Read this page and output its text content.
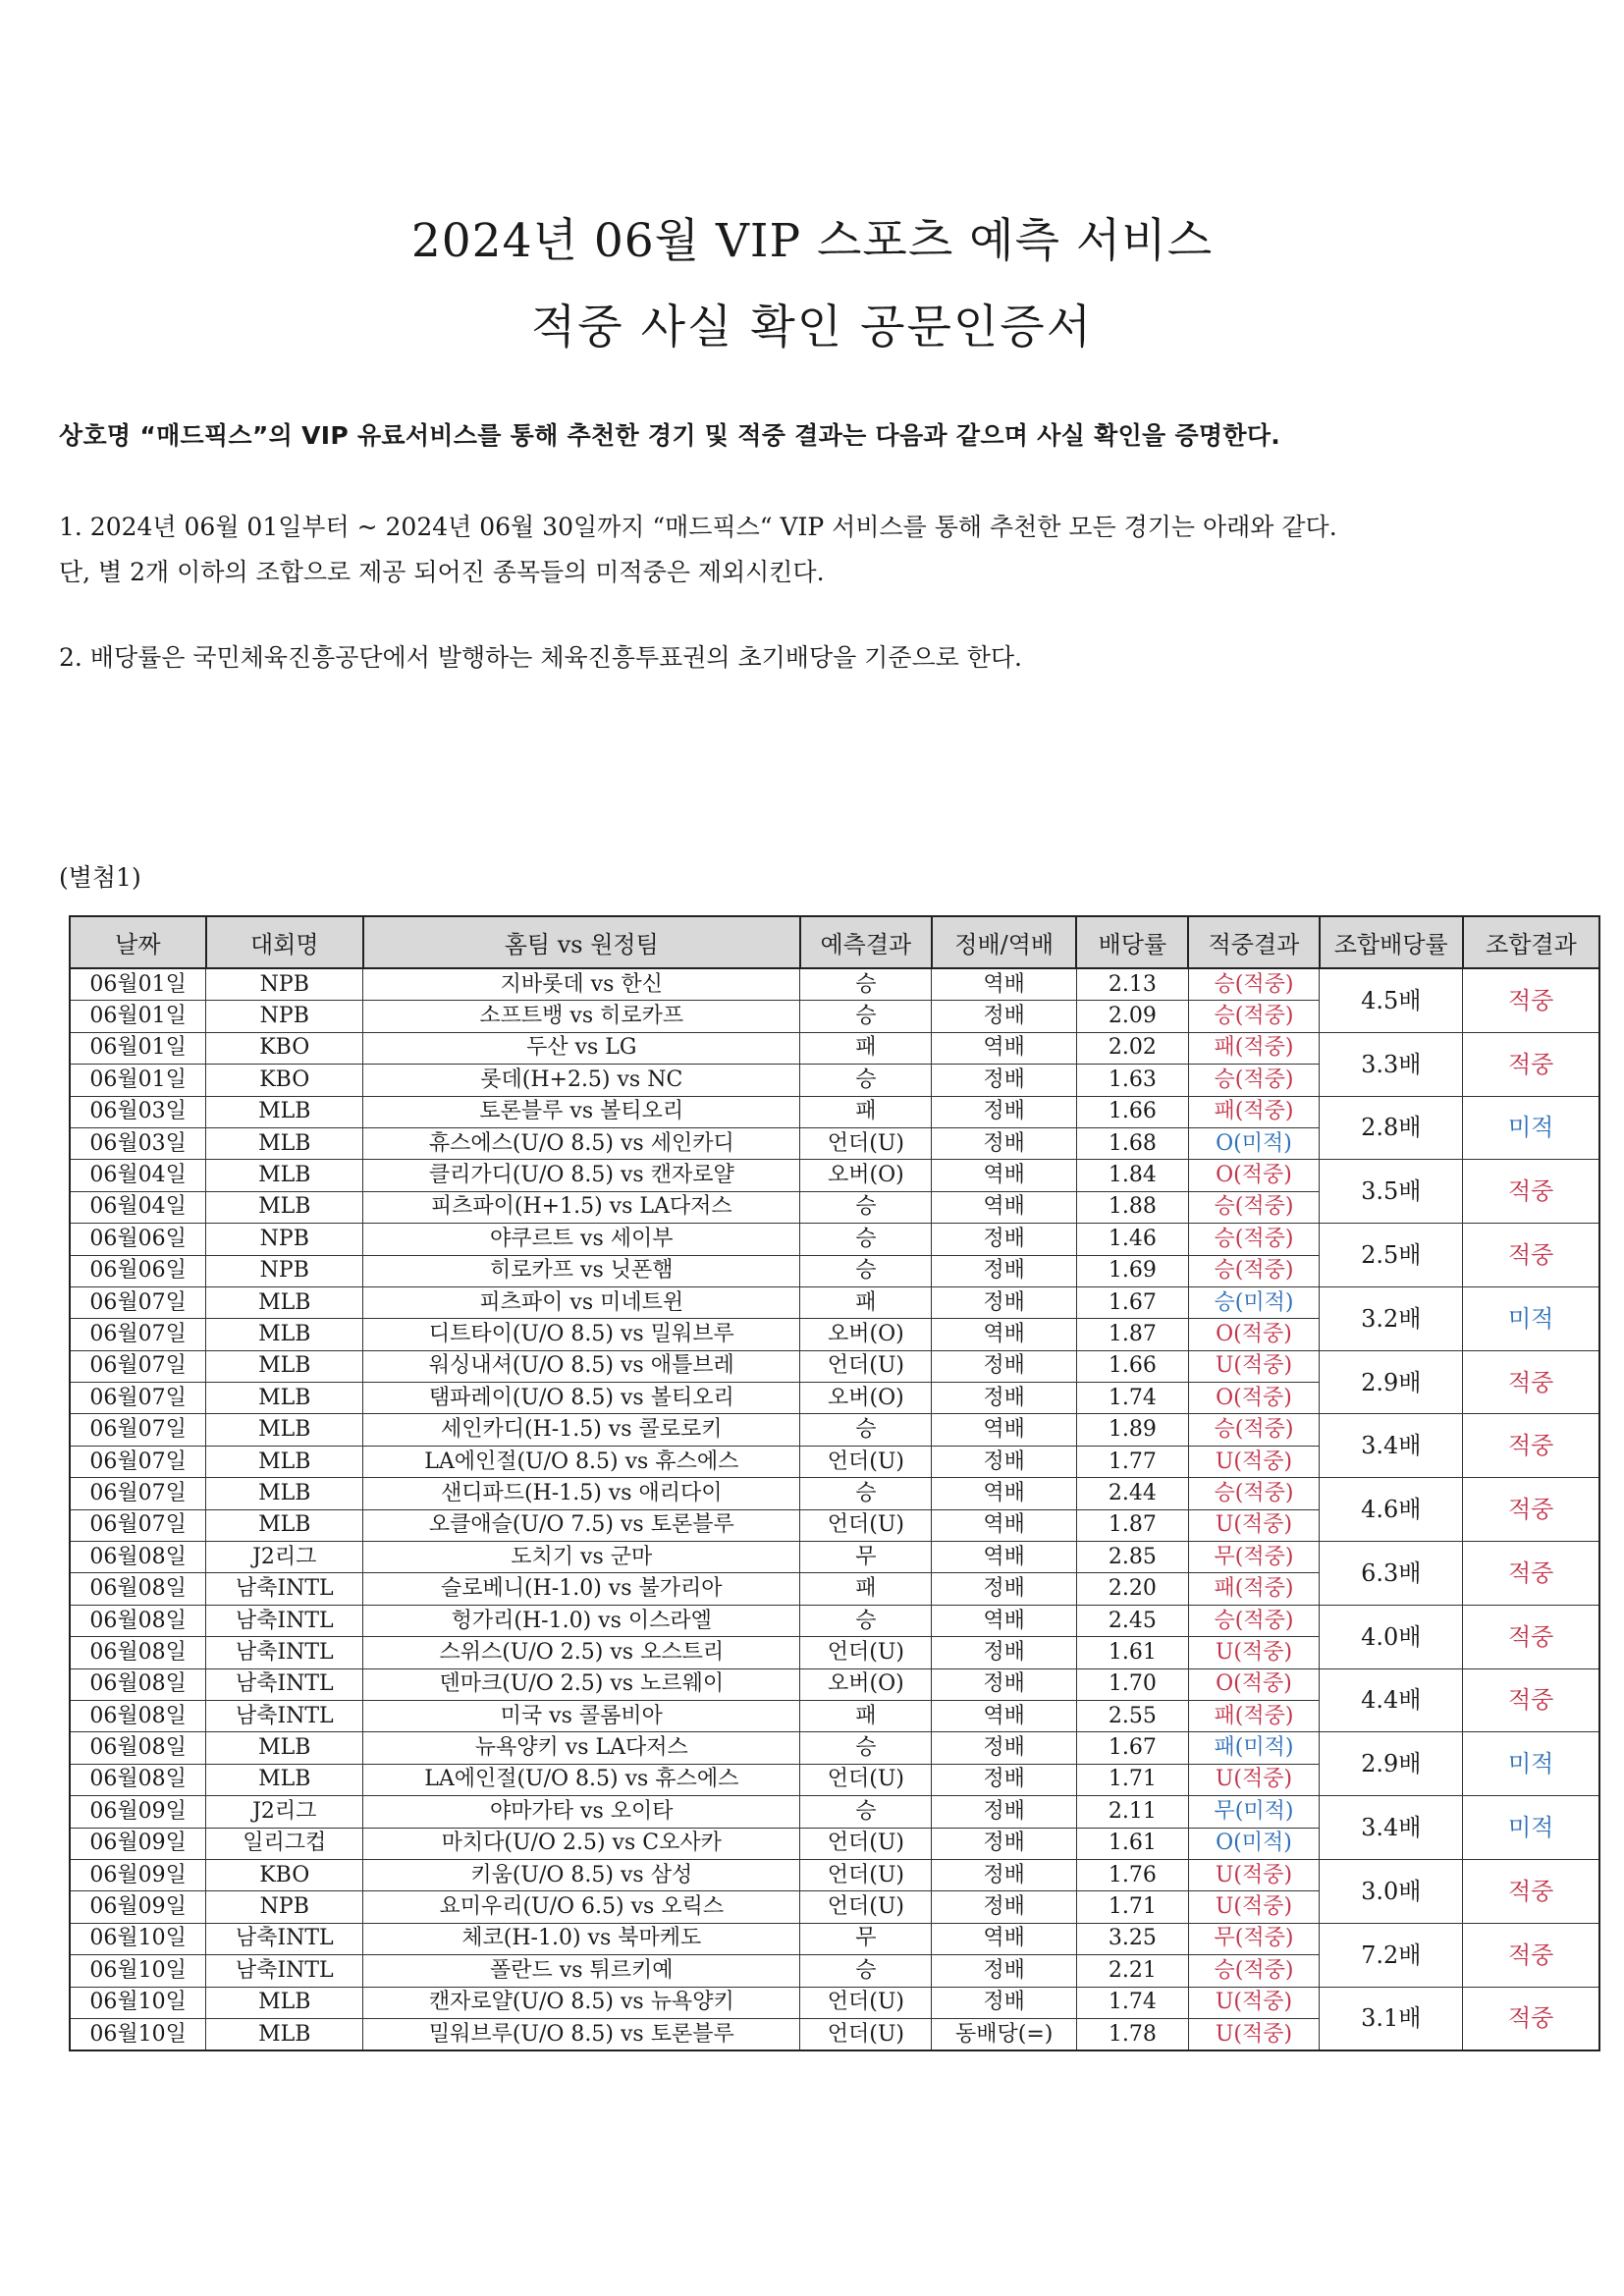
2024년 06월 VIP 스포츠 예측 서비스
적중 사실 확인 공문인증서
상호명 “매드픽스”의 VIP 유료서비스를 통해 추천한 경기 및 적중 결과는 다음과 같으며 사실 확인을 증명한다.
1. 2024년 06월 01일부터 ~ 2024년 06월 30일까지 “매드픽스“ VIP 서비스를 통해 추천한 모든 경기는 아래와 같다.
단, 별 2개 이하의 조합으로 제공 되어진 종목들의 미적중은 제외시킨다.
2. 배당률은 국민체육진흥공단에서 발행하는 체육진흥투표권의 초기배당을 기준으로 한다.
(별첨1)
날짜	대회명	홈팀 vs 원정팀	예측결과	정배/역배	배당률	적중결과	조합배당률	조합결과
06월01일	NPB	지바롯데 vs 한신	승	역배	2.13	승(적중)	4.5배	적중
06월01일	NPB	소프트뱅 vs 히로카프	승	정배	2.09	승(적중)		
06월01일	KBO	두산 vs LG	패	역배	2.02	패(적중)	3.3배	적중
06월01일	KBO	롯데(H+2.5) vs NC	승	정배	1.63	승(적중)		
06월03일	MLB	토론블루 vs 볼티오리	패	정배	1.66	패(적중)	2.8배	미적
06월03일	MLB	휴스에스(U/O 8.5) vs 세인카디	언더(U)	정배	1.68	O(미적)		
06월04일	MLB	클리가디(U/O 8.5) vs 캔자로얄	오버(O)	역배	1.84	O(적중)	3.5배	적중
06월04일	MLB	피츠파이(H+1.5) vs LA다저스	승	역배	1.88	승(적중)		
06월06일	NPB	야쿠르트 vs 세이부	승	정배	1.46	승(적중)	2.5배	적중
06월06일	NPB	히로카프 vs 닛폰햄	승	정배	1.69	승(적중)		
06월07일	MLB	피츠파이 vs 미네트윈	패	정배	1.67	승(미적)	3.2배	미적
06월07일	MLB	디트타이(U/O 8.5) vs 밀워브루	오버(O)	역배	1.87	O(적중)		
06월07일	MLB	워싱내셔(U/O 8.5) vs 애틀브레	언더(U)	정배	1.66	U(적중)	2.9배	적중
06월07일	MLB	탬파레이(U/O 8.5) vs 볼티오리	오버(O)	정배	1.74	O(적중)		
06월07일	MLB	세인카디(H-1.5) vs 콜로로키	승	역배	1.89	승(적중)	3.4배	적중
06월07일	MLB	LA에인절(U/O 8.5) vs 휴스에스	언더(U)	정배	1.77	U(적중)		
06월07일	MLB	샌디파드(H-1.5) vs 애리다이	승	역배	2.44	승(적중)	4.6배	적중
06월07일	MLB	오클애슬(U/O 7.5) vs 토론블루	언더(U)	역배	1.87	U(적중)		
06월08일	J2리그	도치기 vs 군마	무	역배	2.85	무(적중)	6.3배	적중
06월08일	남축INTL	슬로베니(H-1.0) vs 불가리아	패	정배	2.20	패(적중)		
06월08일	남축INTL	헝가리(H-1.0) vs 이스라엘	승	역배	2.45	승(적중)	4.0배	적중
06월08일	남축INTL	스위스(U/O 2.5) vs 오스트리	언더(U)	정배	1.61	U(적중)		
06월08일	남축INTL	덴마크(U/O 2.5) vs 노르웨이	오버(O)	정배	1.70	O(적중)	4.4배	적중
06월08일	남축INTL	미국 vs 콜롬비아	패	역배	2.55	패(적중)		
06월08일	MLB	뉴욕양키 vs LA다저스	승	정배	1.67	패(미적)	2.9배	미적
06월08일	MLB	LA에인절(U/O 8.5) vs 휴스에스	언더(U)	정배	1.71	U(적중)		
06월09일	J2리그	야마가타 vs 오이타	승	정배	2.11	무(미적)	3.4배	미적
06월09일	일리그컵	마치다(U/O 2.5) vs C오사카	언더(U)	정배	1.61	O(미적)		
06월09일	KBO	키움(U/O 8.5) vs 삼성	언더(U)	정배	1.76	U(적중)	3.0배	적중
06월09일	NPB	요미우리(U/O 6.5) vs 오릭스	언더(U)	정배	1.71	U(적중)		
06월10일	남축INTL	체코(H-1.0) vs 북마케도	무	역배	3.25	무(적중)	7.2배	적중
06월10일	남축INTL	폴란드 vs 튀르키예	승	정배	2.21	승(적중)		
06월10일	MLB	캔자로얄(U/O 8.5) vs 뉴욕양키	언더(U)	정배	1.74	U(적중)	3.1배	적중
06월10일	MLB	밀워브루(U/O 8.5) vs 토론블루	언더(U)	동배당(=)	1.78	U(적중)		
